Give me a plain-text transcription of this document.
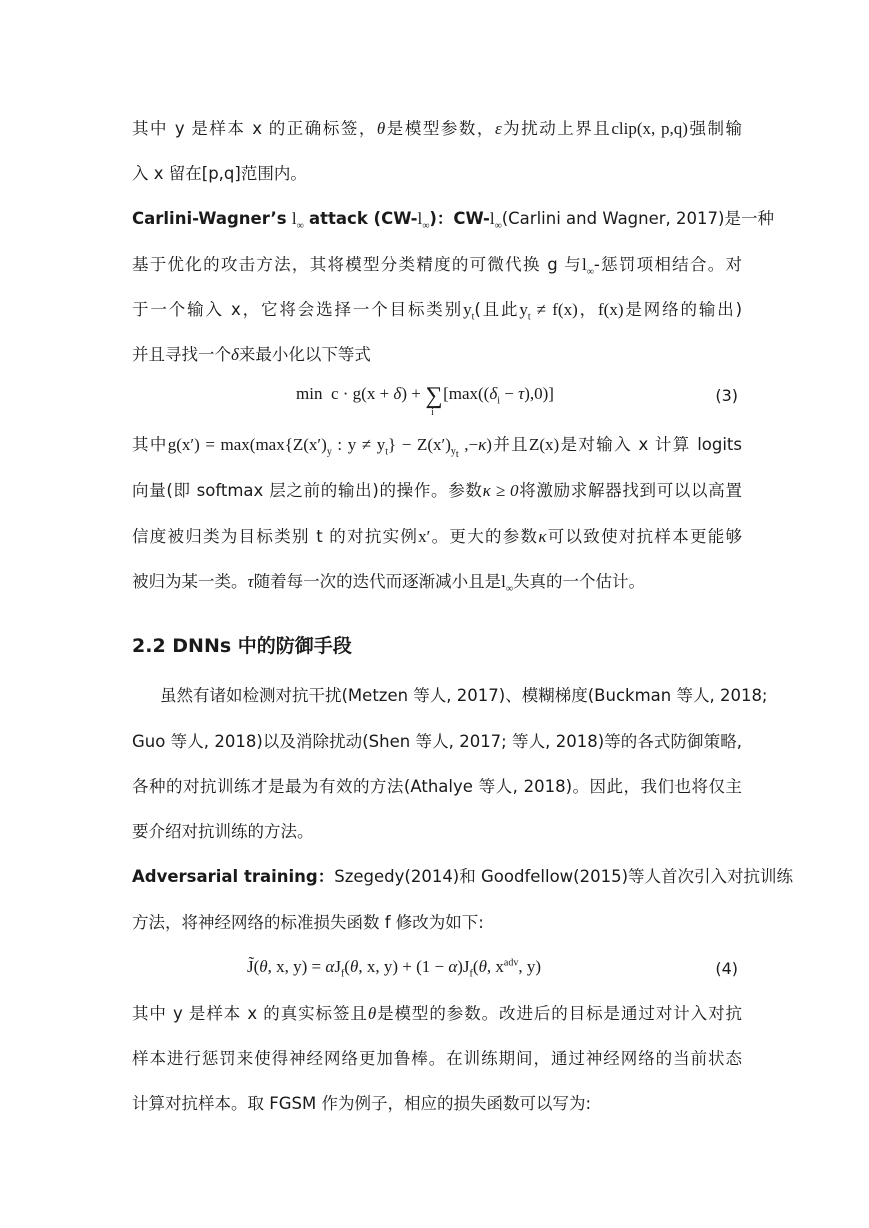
其中 y 是样本 x 的正确标签，θ是模型参数，ε为扰动上界且clip(x, p,q)强制输
入 x 留在[p,q]范围内。
Carlini-Wagner’s $l_\infty$ attack $(CW-l_\infty)$：$CW-l_\infty(Carlini$ and Wagner, 2017)是一种
基于优化的攻击方法，其将模型分类精度的可微代换 g 与$l_\infty-$惩罚项相结合。对
于一个输入 x，它将会选择一个目标类别$y_t$(且此$y_t \ne f(x)$，f(x)是网络的输出)
并且寻找一个δ来最小化以下等式
min  c · g(x + δ) + ∑
i
$[\max((\delta_i - \tau),0)]$	(3)
其中$g(x') = \max(\max\{Z(x')_y$ : $y \ne y_t\} - Z(x')_{y_t}$ ,−κ)并且Z(x)是对输入 x 计算 logits
向量(即 softmax 层之前的输出)的操作。参数κ ≥ 0将激励求解器找到可以以高置
信度被归类为目标类别 t 的对抗实例x′。更大的参数κ可以致使对抗样本更能够
被归为某一类。τ随着每一次的迭代而逐渐减小且是$l_\infty$失真的一个估计。
2.2 DNNs 中的防御手段
虽然有诸如检测对抗干扰(Metzen 等人, 2017)、模糊梯度(Buckman 等人, 2018;
Guo 等人, 2018)以及消除扰动(Shen 等人, 2017; 等人, 2018)等的各式防御策略,
各种的对抗训练才是最为有效的方法(Athalye 等人, 2018)。因此，我们也将仅主
要介绍对抗训练的方法。
Adversarial training：Szegedy(2014)和 Goodfellow(2015)等人首次引入对抗训练
方法，将神经网络的标准损失函数 f 修改为如下:
J̃(θ, x, $y) = \alpha J_f(\theta$, x, $y) + (1 - \alpha)J_f(\theta$, $x^{adv}$, y)	(4)
其中 y 是样本 x 的真实标签且θ是模型的参数。改进后的目标是通过对计入对抗
样本进行惩罚来使得神经网络更加鲁棒。在训练期间，通过神经网络的当前状态
计算对抗样本。取 FGSM 作为例子，相应的损失函数可以写为:
